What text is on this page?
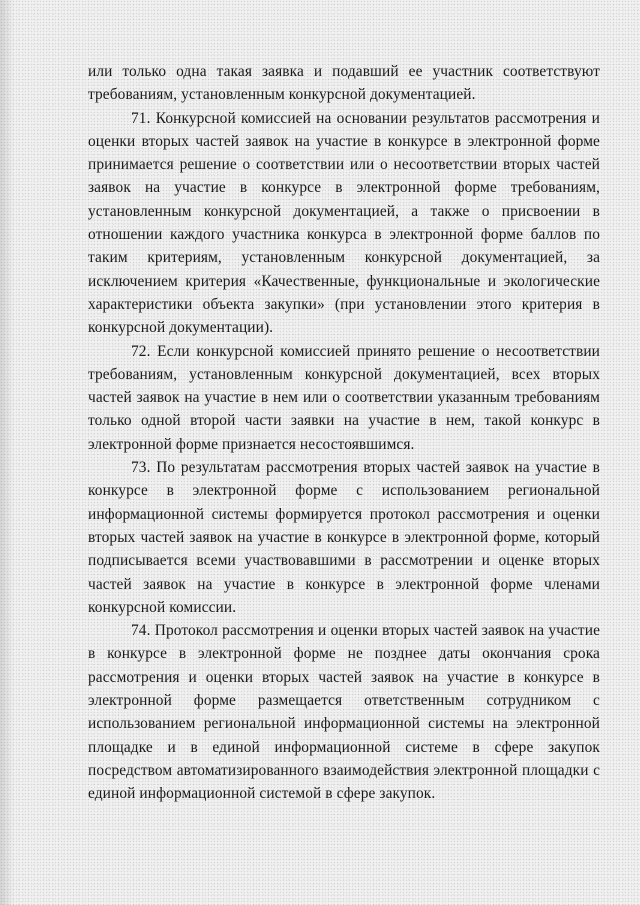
или только одна такая заявка и подавший ее участник соответствуют требованиям, установленным конкурсной документацией.

71. Конкурсной комиссией на основании результатов рассмотрения и оценки вторых частей заявок на участие в конкурсе в электронной форме принимается решение о соответствии или о несоответствии вторых частей заявок на участие в конкурсе в электронной форме требованиям, установленным конкурсной документацией, а также о присвоении в отношении каждого участника конкурса в электронной форме баллов по таким критериям, установленным конкурсной документацией, за исключением критерия «Качественные, функциональные и экологические характеристики объекта закупки» (при установлении этого критерия в конкурсной документации).

72. Если конкурсной комиссией принято решение о несоответствии требованиям, установленным конкурсной документацией, всех вторых частей заявок на участие в нем или о соответствии указанным требованиям только одной второй части заявки на участие в нем, такой конкурс в электронной форме признается несостоявшимся.

73. По результатам рассмотрения вторых частей заявок на участие в конкурсе в электронной форме с использованием региональной информационной системы формируется протокол рассмотрения и оценки вторых частей заявок на участие в конкурсе в электронной форме, который подписывается всеми участвовавшими в рассмотрении и оценке вторых частей заявок на участие в конкурсе в электронной форме членами конкурсной комиссии.

74. Протокол рассмотрения и оценки вторых частей заявок на участие в конкурсе в электронной форме не позднее даты окончания срока рассмотрения и оценки вторых частей заявок на участие в конкурсе в электронной форме размещается ответственным сотрудником с использованием региональной информационной системы на электронной площадке и в единой информационной системе в сфере закупок посредством автоматизированного взаимодействия электронной площадки с единой информационной системой в сфере закупок.
